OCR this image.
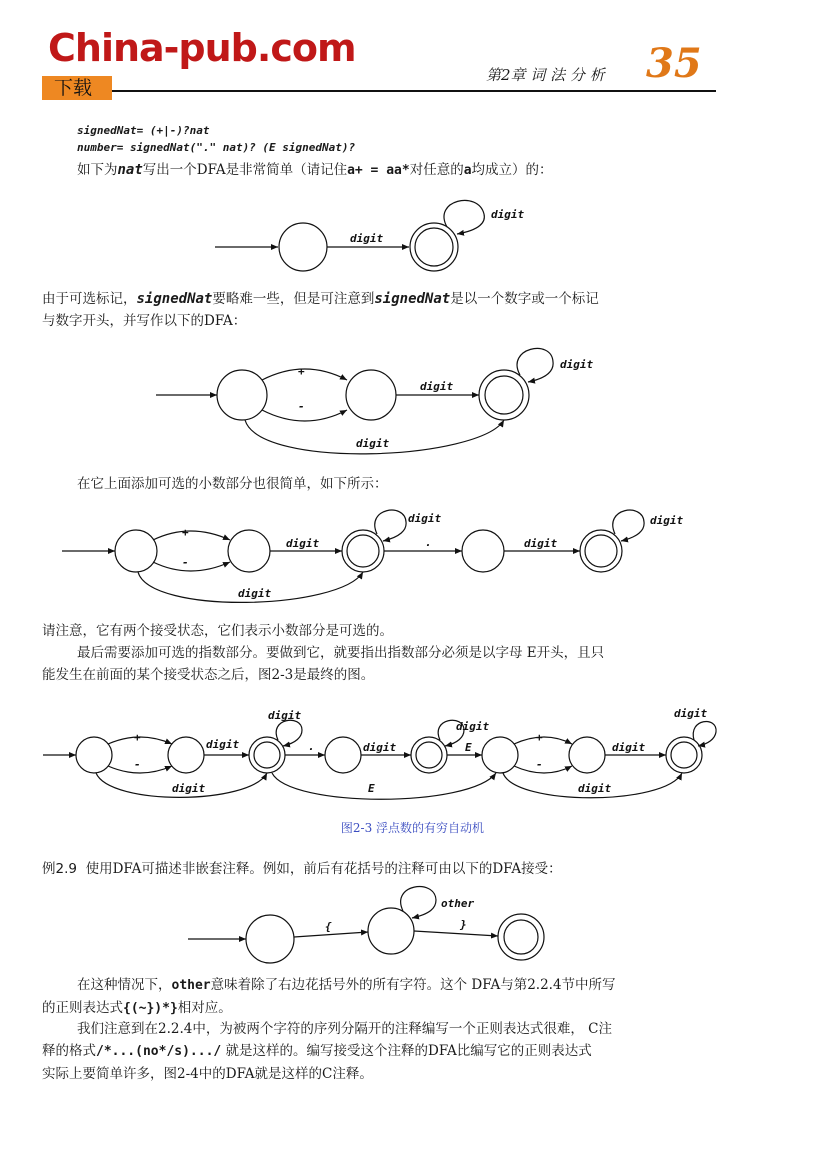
China-pub.com
下载
第2章 词 法 分 析 35
signedNat= (+|-)?nat
number= signedNat("." nat)? (E signedNat)?
如下为nat写出一个DFA是非常简单（请记住a+ = aa*对任意的a均成立）的：
由于可选标记，signedNat要略难一些，但是可注意到signedNat是以一个数字或一个标记
与数字开头，并写作以下的DFA：
在它上面添加可选的小数部分也很简单，如下所示：
请注意，它有两个接受状态，它们表示小数部分是可选的。
最后需要添加可选的指数部分。要做到它，就要指出指数部分必须是以字母 E开头，且只
能发生在前面的某个接受状态之后，图2-3是最终的图。
图2-3 浮点数的有穷自动机
例2.9 使用DFA可描述非嵌套注释。例如，前后有花括号的注释可由以下的DFA接受：
在这种情况下，other意味着除了右边花括号外的所有字符。这个 DFA与第2.2.4节中所写
的正则表达式{(~})*}相对应。
我们注意到在2.2.4中，为被两个字符的序列分隔开的注释编写一个正则表达式很难， C注
释的格式/*...(no*/s).../ 就是这样的。编写接受这个注释的DFA比编写它的正则表达式
实际上要简单许多，图2-4中的DFA就是这样的C注释。
digit
digit
+
-
digit
digit
digit
+
-
digit
digit
.	digit
digit
digit
+
-
digit
digit
.	digit
digit
E
+
-
digit
digit
digit	E	digit
{
other
}
